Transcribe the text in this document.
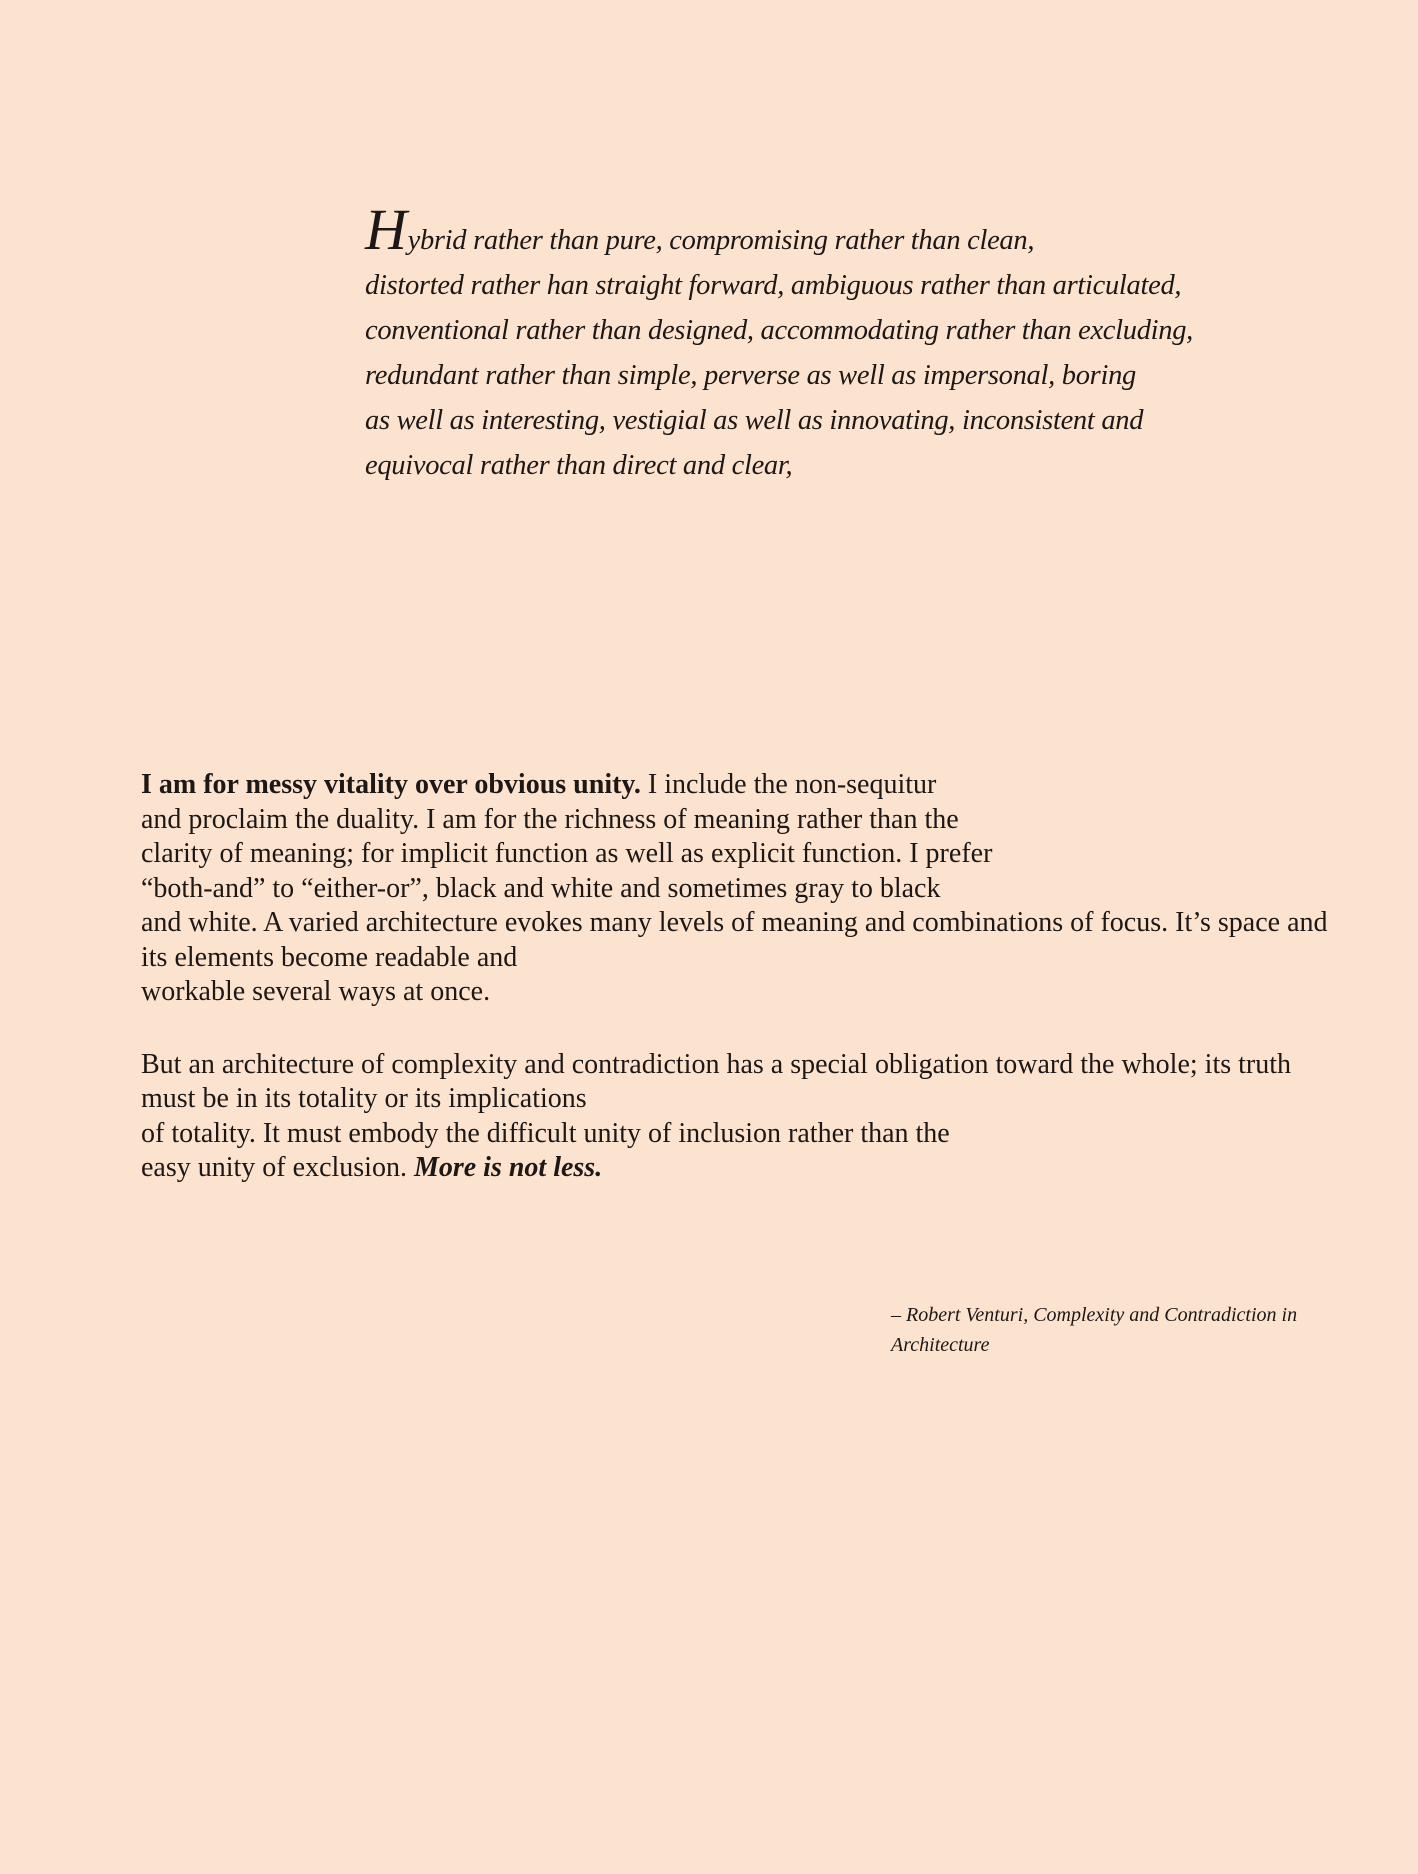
Hybrid rather than pure, compromising rather than clean,
distorted rather han straight forward, ambiguous rather than articulated,
conventional rather than designed, accommodating rather than excluding,
redundant rather than simple, perverse as well as impersonal, boring
as well as interesting, vestigial as well as innovating, inconsistent and
equivocal rather than direct and clear,
I am for messy vitality over obvious unity. I include the non-sequitur
and proclaim the duality. I am for the richness of meaning rather than the
clarity of meaning; for implicit function as well as explicit function. I prefer
“both-and” to “either-or”, black and white and sometimes gray to black
and white. A varied architecture evokes many levels of meaning and combinations of focus. It’s space and
its elements become readable and
workable several ways at once.
But an architecture of complexity and contradiction has a special obligation toward the whole; its truth
must be in its totality or its implications
of totality. It must embody the difficult unity of inclusion rather than the
easy unity of exclusion. More is not less.
– Robert Venturi, Complexity and Contradiction in
Architecture
